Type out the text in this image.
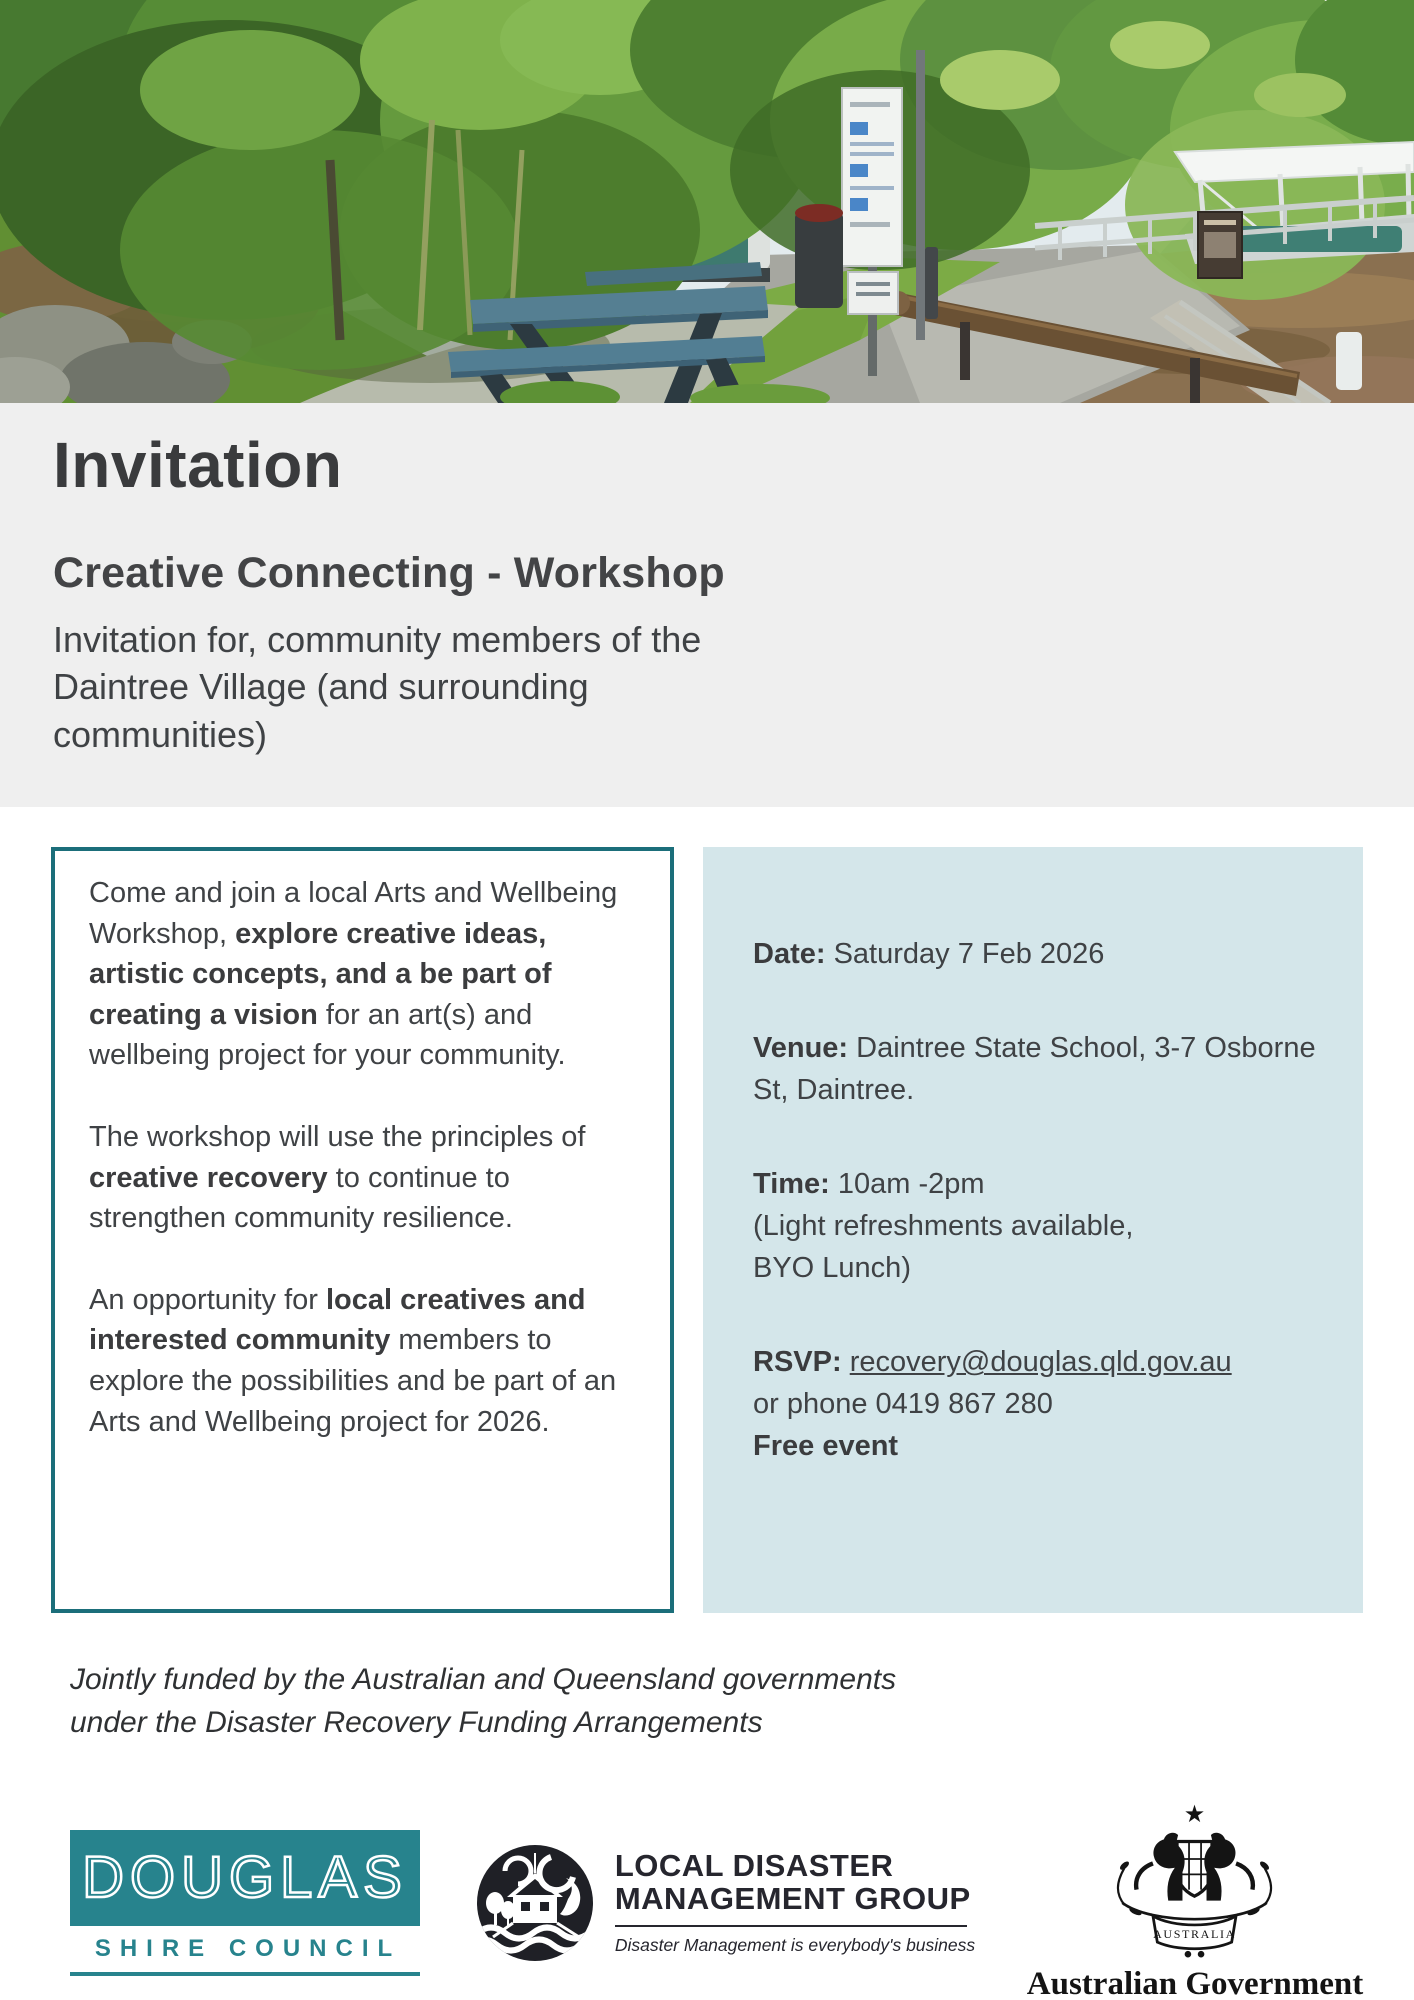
Invitation
Creative Connecting - Workshop
Invitation for, community members of the Daintree Village (and surrounding communities)

Come and join a local Arts and Wellbeing Workshop, explore creative ideas, artistic concepts, and a be part of creating a vision for an art(s) and wellbeing project for your community.

The workshop will use the principles of creative recovery to continue to strengthen community resilience.

An opportunity for local creatives and interested community members to explore the possibilities and be part of an Arts and Wellbeing project for 2026.

Date: Saturday 7 Feb 2026
Venue: Daintree State School, 3-7 Osborne St, Daintree.
Time: 10am -2pm
(Light refreshments available,
BYO Lunch)
RSVP: recovery@douglas.qld.gov.au
or phone 0419 867 280
Free event
Jointly funded by the Australian and Queensland governments under the Disaster Recovery Funding Arrangements
DOUGLAS
SHIRE COUNCIL
LOCAL DISASTER
MANAGEMENT GROUP
Disaster Management is everybody's business
★
AUSTRALIA
Australian Government
